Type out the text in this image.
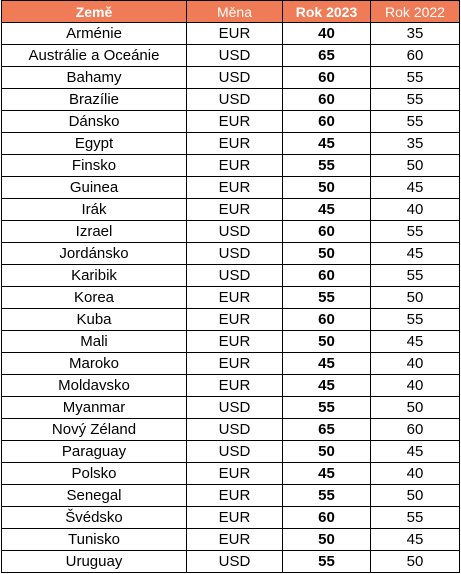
Země	Měna	Rok 2023	Rok 2022
Arménie	EUR	40	35
Austrálie a Oceánie	USD	65	60
Bahamy	USD	60	55
Brazílie	USD	60	55
Dánsko	EUR	60	55
Egypt	EUR	45	35
Finsko	EUR	55	50
Guinea	EUR	50	45
Irák	EUR	45	40
Izrael	USD	60	55
Jordánsko	USD	50	45
Karibik	USD	60	55
Korea	EUR	55	50
Kuba	EUR	60	55
Mali	EUR	50	45
Maroko	EUR	45	40
Moldavsko	EUR	45	40
Myanmar	USD	55	50
Nový Zéland	USD	65	60
Paraguay	USD	50	45
Polsko	EUR	45	40
Senegal	EUR	55	50
Švédsko	EUR	60	55
Tunisko	EUR	50	45
Uruguay	USD	55	50
